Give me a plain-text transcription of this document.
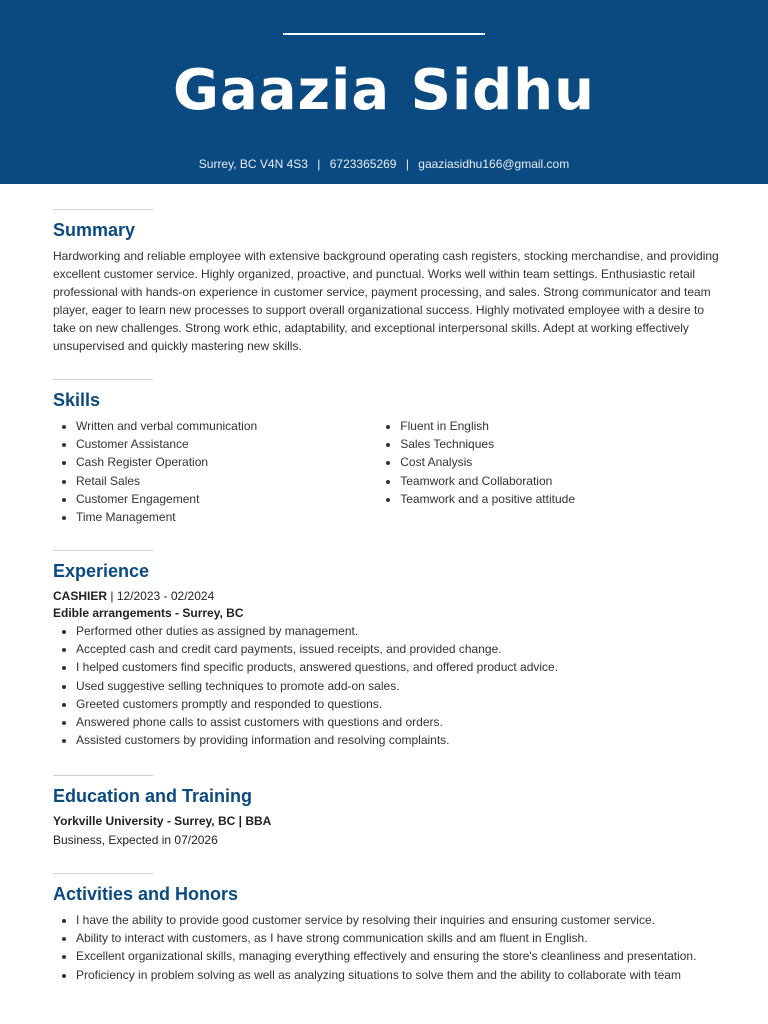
Gaazia Sidhu
Surrey, BC V4N 4S3 | 6723365269 | gaaziasidhu166@gmail.com
Summary

Hardworking and reliable employee with extensive background operating cash registers, stocking merchandise, and providing excellent customer service. Highly organized, proactive, and punctual. Works well within team settings. Enthusiastic retail professional with hands-on experience in customer service, payment processing, and sales. Strong communicator and team player, eager to learn new processes to support overall organizational success. Highly motivated employee with a desire to take on new challenges. Strong work ethic, adaptability, and exceptional interpersonal skills. Adept at working effectively unsupervised and quickly mastering new skills.

Skills
• Written and verbal communication
• Customer Assistance
• Cash Register Operation
• Retail Sales
• Customer Engagement
• Time Management
• Fluent in English
• Sales Techniques
• Cost Analysis
• Teamwork and Collaboration
• Teamwork and a positive attitude
Experience
CASHIER | 12/2023 - 02/2024
Edible arrangements - Surrey, BC
• Performed other duties as assigned by management.
• Accepted cash and credit card payments, issued receipts, and provided change.
• I helped customers find specific products, answered questions, and offered product advice.
• Used suggestive selling techniques to promote add-on sales.
• Greeted customers promptly and responded to questions.
• Answered phone calls to assist customers with questions and orders.
• Assisted customers by providing information and resolving complaints.
Education and Training
Yorkville University - Surrey, BC | BBA
Business, Expected in 07/2026
Activities and Honors
• I have the ability to provide good customer service by resolving their inquiries and ensuring customer service.
• Ability to interact with customers, as I have strong communication skills and am fluent in English.
• Excellent organizational skills, managing everything effectively and ensuring the store's cleanliness and presentation.
• Proficiency in problem solving as well as analyzing situations to solve them and the ability to collaborate with team
